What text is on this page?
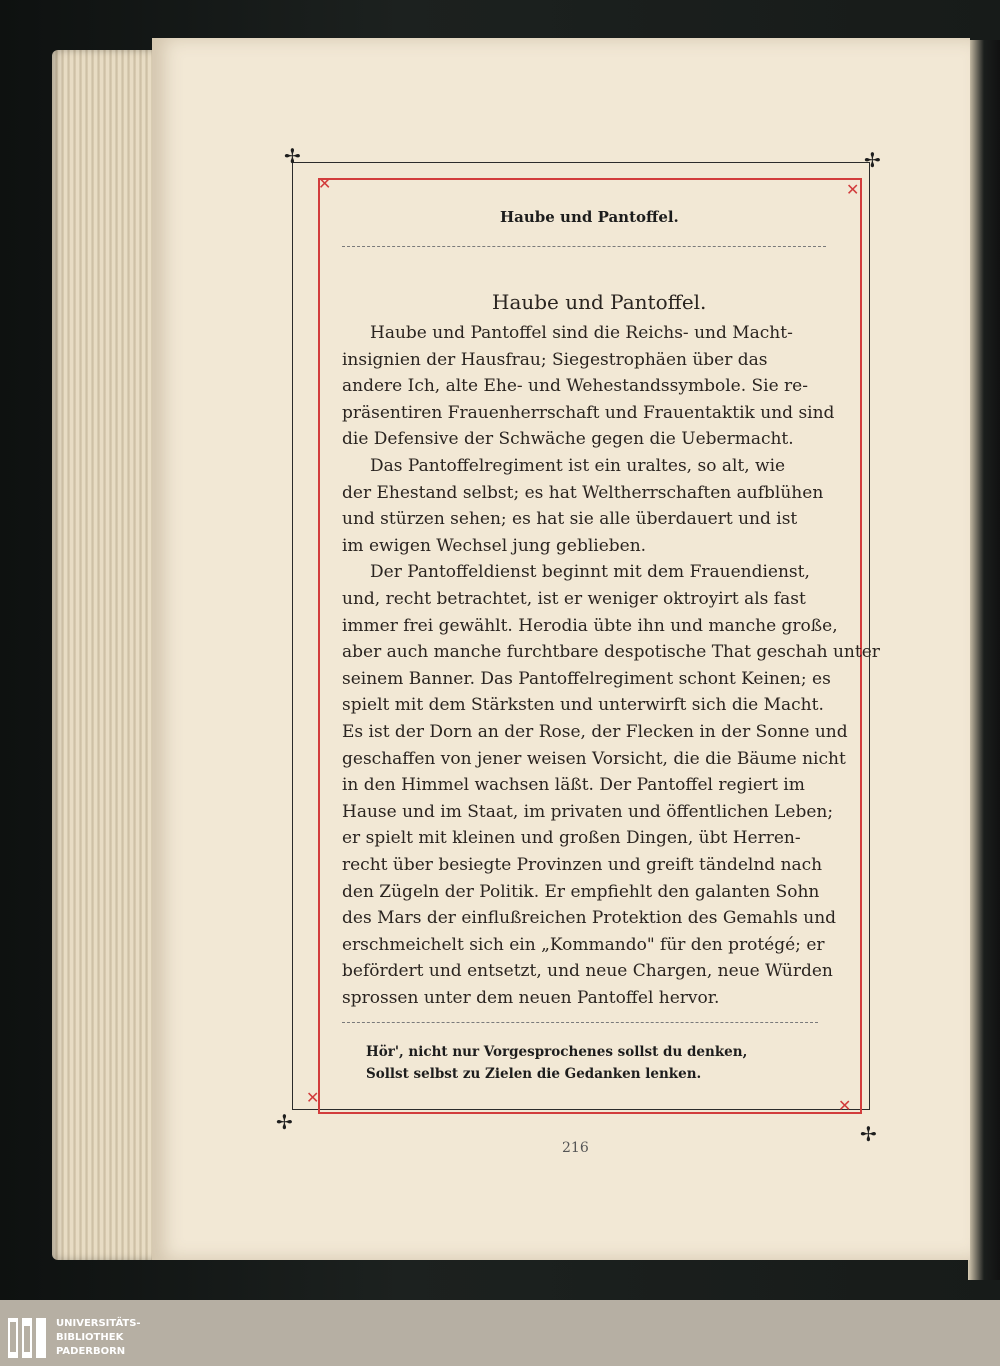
✢	✢
✢	✢
✕	✕
✕	✕
Haube und Pantoffel.
Haube und Pantoffel.
Haube und Pantoffel sind die Reichs- und Macht-
insignien der Hausfrau; Siegestrophäen über das
andere Ich, alte Ehe- und Wehestandssymbole. Sie re-
präsentiren Frauenherrschaft und Frauentaktik und sind
die Defensive der Schwäche gegen die Uebermacht.
Das Pantoffelregiment ist ein uraltes, so alt, wie
der Ehestand selbst; es hat Weltherrschaften aufblühen
und stürzen sehen; es hat sie alle überdauert und ist
im ewigen Wechsel jung geblieben.
Der Pantoffeldienst beginnt mit dem Frauendienst,
und, recht betrachtet, ist er weniger oktroyirt als fast
immer frei gewählt. Herodia übte ihn und manche große,
aber auch manche furchtbare despotische That geschah unter
seinem Banner. Das Pantoffelregiment schont Keinen; es
spielt mit dem Stärksten und unterwirft sich die Macht.
Es ist der Dorn an der Rose, der Flecken in der Sonne und
geschaffen von jener weisen Vorsicht, die die Bäume nicht
in den Himmel wachsen läßt. Der Pantoffel regiert im
Hause und im Staat, im privaten und öffentlichen Leben;
er spielt mit kleinen und großen Dingen, übt Herren-
recht über besiegte Provinzen und greift tändelnd nach
den Zügeln der Politik. Er empfiehlt den galanten Sohn
des Mars der einflußreichen Protektion des Gemahls und
erschmeichelt sich ein „Kommando" für den protégé; er
befördert und entsetzt, und neue Chargen, neue Würden
sprossen unter dem neuen Pantoffel hervor.
Hör', nicht nur Vorgesprochenes sollst du denken,
Sollst selbst zu Zielen die Gedanken lenken.
216
UNIVERSITÄTS-
BIBLIOTHEK
PADERBORN
